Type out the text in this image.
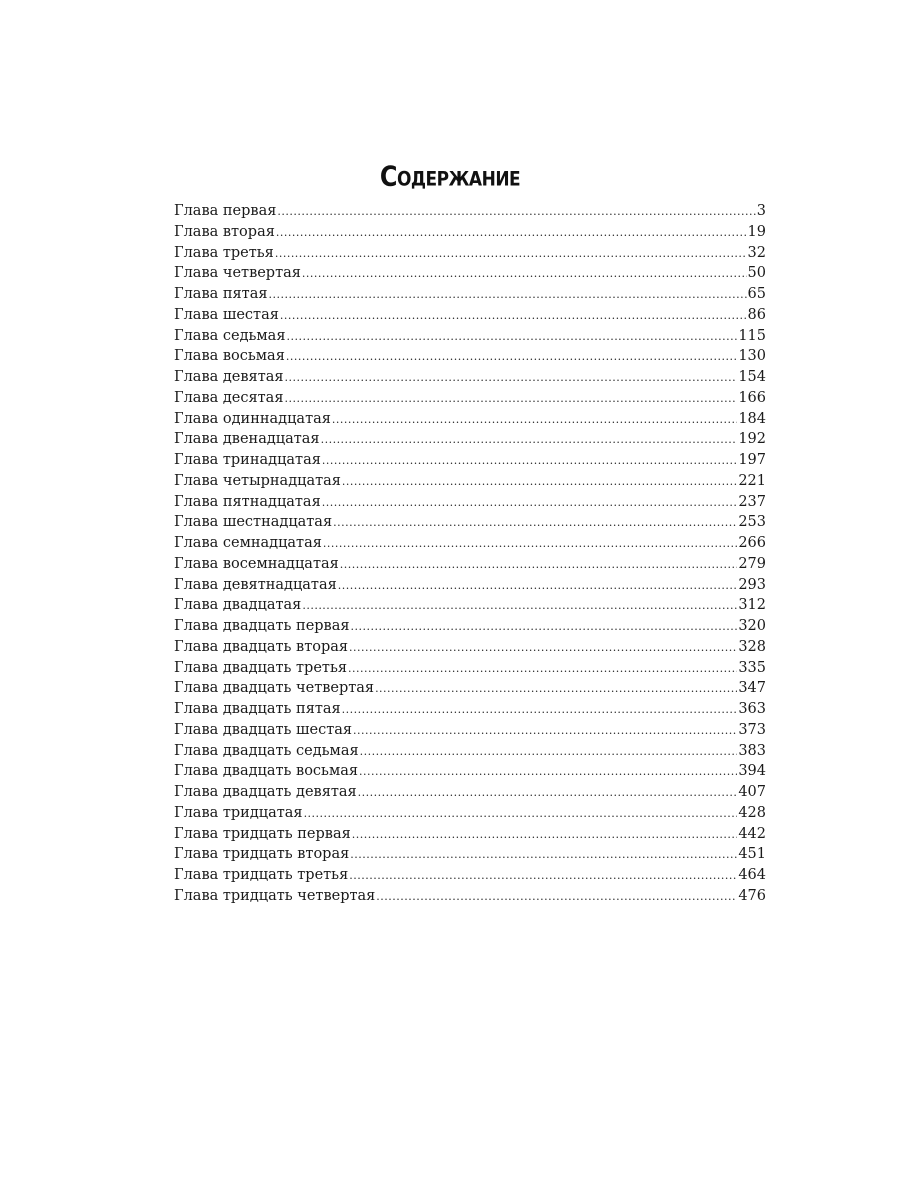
Содержание
Глава первая .....	3
Глава вторая .....	19
Глава третья .....	32
Глава четвертая .....	50
Глава пятая .....	65
Глава шестая .....	86
Глава седьмая .....	115
Глава восьмая .....	130
Глава девятая .....	154
Глава десятая .....	166
Глава одиннадцатая .....	184
Глава двенадцатая .....	192
Глава тринадцатая .....	197
Глава четырнадцатая .....	221
Глава пятнадцатая .....	237
Глава шестнадцатая .....	253
Глава семнадцатая .....	266
Глава восемнадцатая .....	279
Глава девятнадцатая .....	293
Глава двадцатая .....	312
Глава двадцать первая .....	320
Глава двадцать вторая .....	328
Глава двадцать третья .....	335
Глава двадцать четвертая .....	347
Глава двадцать пятая .....	363
Глава двадцать шестая .....	373
Глава двадцать седьмая .....	383
Глава двадцать восьмая .....	394
Глава двадцать девятая .....	407
Глава тридцатая .....	428
Глава тридцать первая .....	442
Глава тридцать вторая .....	451
Глава тридцать третья .....	464
Глава тридцать четвертая .....	476
